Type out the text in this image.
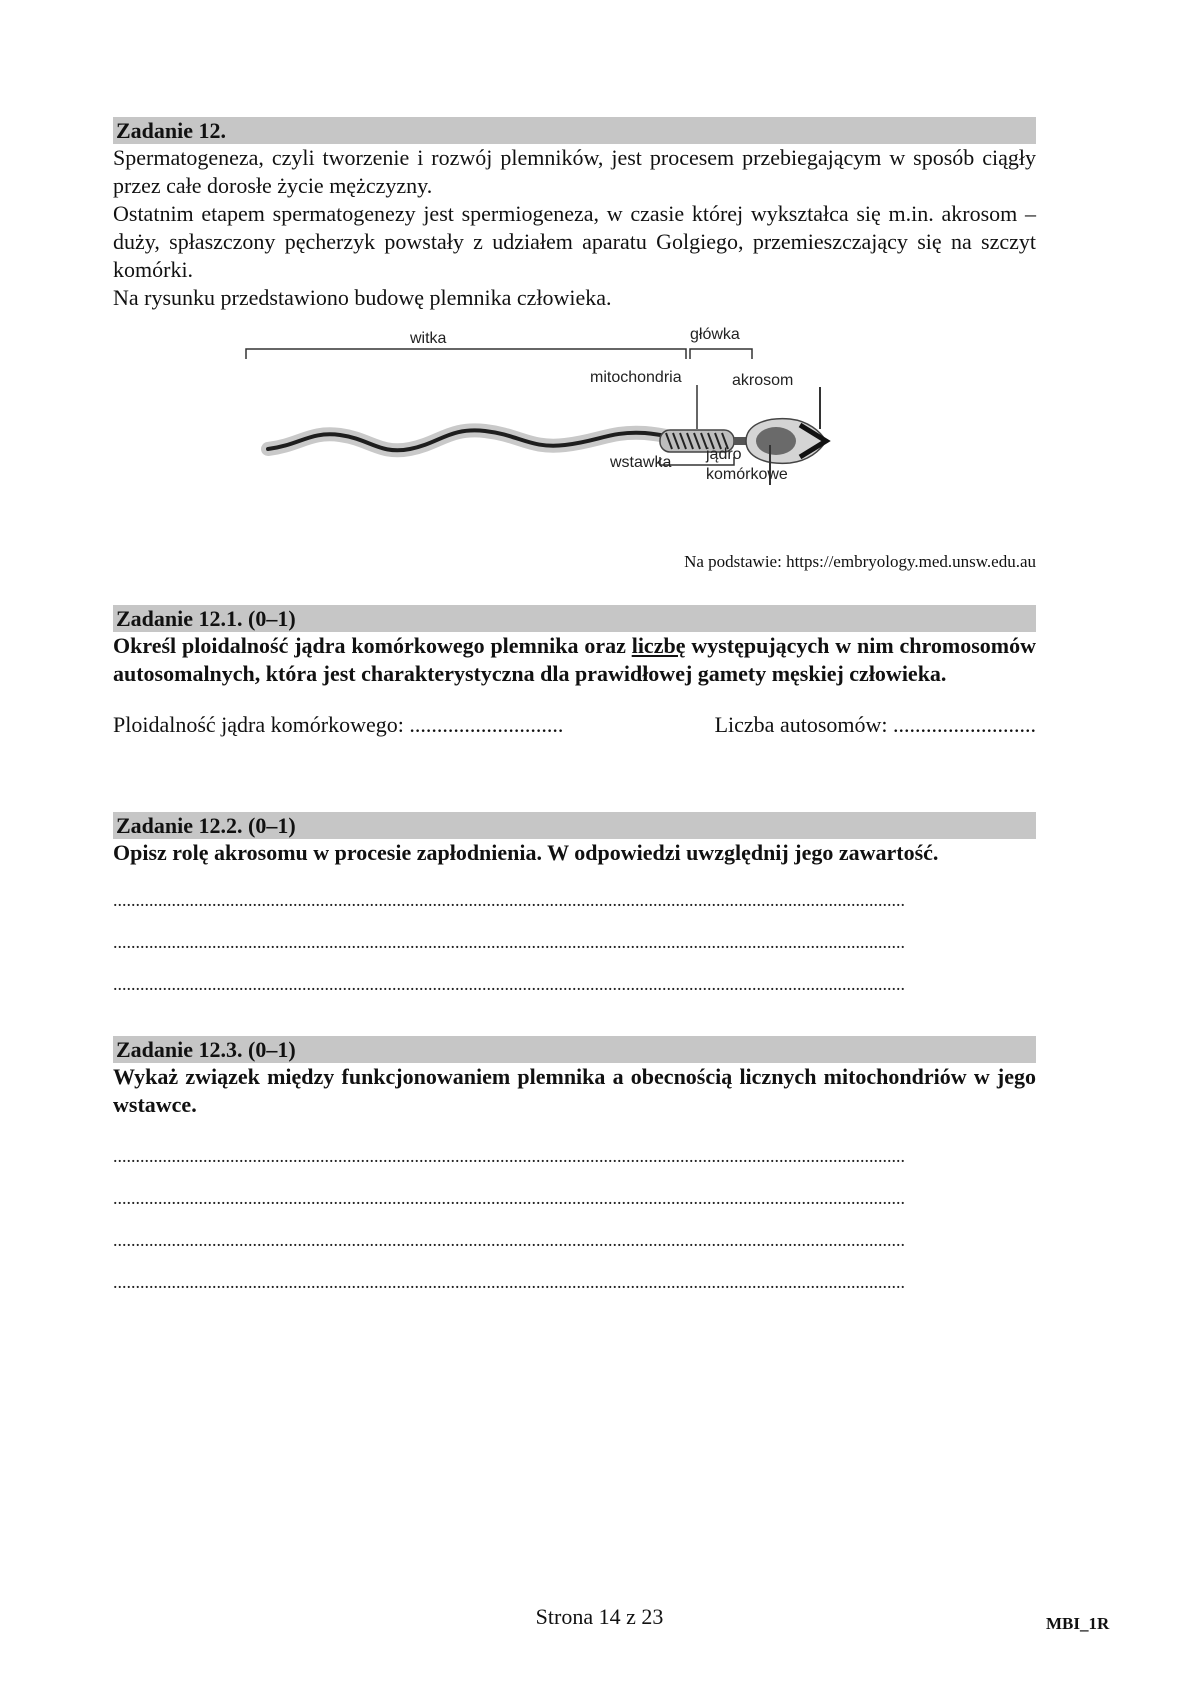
Zadanie 12.

Spermatogeneza, czyli tworzenie i rozwój plemników, jest procesem przebiegającym w sposób ciągły przez całe dorosłe życie mężczyzny.

Ostatnim etapem spermatogenezy jest spermiogeneza, w czasie której wykształca się m.in. akrosom – duży, spłaszczony pęcherzyk powstały z udziałem aparatu Golgiego, przemieszczający się na szczyt komórki.

Na rysunku przedstawiono budowę plemnika człowieka.

witka	główka
mitochondria	akrosom
wstawka jądro
komórkowe
Na podstawie: https://embryology.med.unsw.edu.au
Zadanie 12.1. (0–1)

Określ ploidalność jądra komórkowego plemnika oraz liczbę występujących w nim chromosomów autosomalnych, która jest charakterystyczna dla prawidłowej gamety męskiej człowieka.

Ploidalność jądra komórkowego: ............................	Liczba autosomów: ..........................
Zadanie 12.2. (0–1)

Opisz rolę akrosomu w procesie zapłodnienia. W odpowiedzi uwzględnij jego zawartość.

................................................................................................................................................................................
................................................................................................................................................................................
................................................................................................................................................................................
Zadanie 12.3. (0–1)

Wykaż związek między funkcjonowaniem plemnika a obecnością licznych mitochondriów w jego wstawce.

................................................................................................................................................................................
................................................................................................................................................................................
................................................................................................................................................................................
................................................................................................................................................................................
Strona 14 z 23	MBI_1R
